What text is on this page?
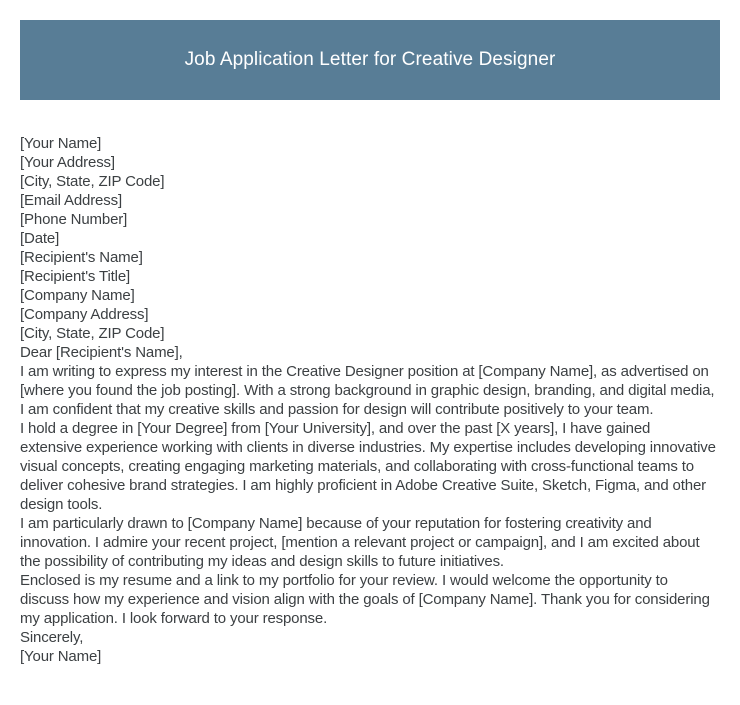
Job Application Letter for Creative Designer
[Your Name]
[Your Address]
[City, State, ZIP Code]
[Email Address]
[Phone Number]
[Date]
[Recipient's Name]
[Recipient's Title]
[Company Name]
[Company Address]
[City, State, ZIP Code]
Dear [Recipient's Name],

I am writing to express my interest in the Creative Designer position at [Company Name], as advertised on [where you found the job posting]. With a strong background in graphic design, branding, and digital media, I am confident that my creative skills and passion for design will contribute positively to your team.

I hold a degree in [Your Degree] from [Your University], and over the past [X years], I have gained extensive experience working with clients in diverse industries. My expertise includes developing innovative visual concepts, creating engaging marketing materials, and collaborating with cross-functional teams to deliver cohesive brand strategies. I am highly proficient in Adobe Creative Suite, Sketch, Figma, and other design tools.

I am particularly drawn to [Company Name] because of your reputation for fostering creativity and innovation. I admire your recent project, [mention a relevant project or campaign], and I am excited about the possibility of contributing my ideas and design skills to future initiatives.

Enclosed is my resume and a link to my portfolio for your review. I would welcome the opportunity to discuss how my experience and vision align with the goals of [Company Name]. Thank you for considering my application. I look forward to your response.

Sincerely,
[Your Name]
